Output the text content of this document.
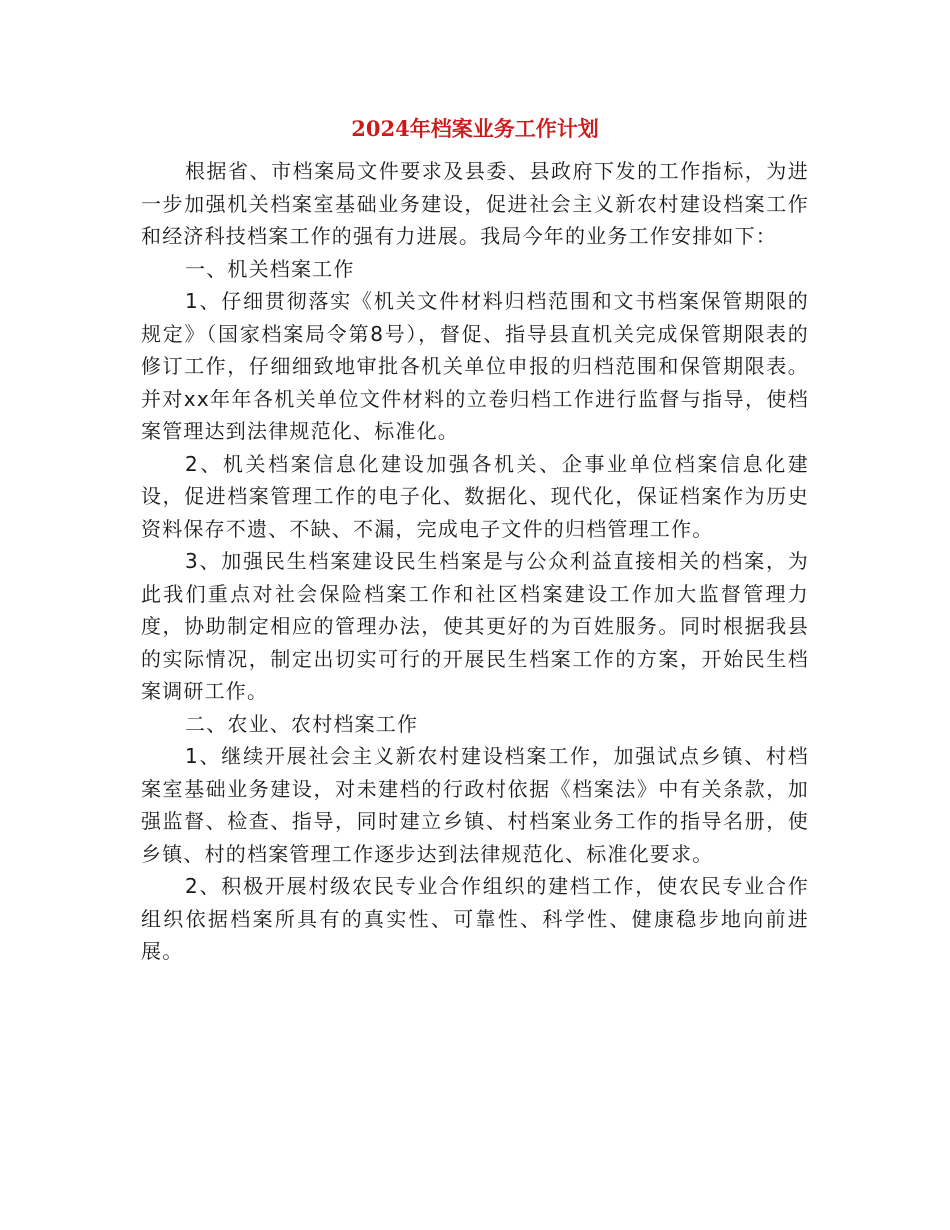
2024年档案业务工作计划

根据省、市档案局文件要求及县委、县政府下发的工作指标，为进一步加强机关档案室基础业务建设，促进社会主义新农村建设档案工作和经济科技档案工作的强有力进展。我局今年的业务工作安排如下：

一、机关档案工作

1、仔细贯彻落实《机关文件材料归档范围和文书档案保管期限的规定》（国家档案局令第8号），督促、指导县直机关完成保管期限表的修订工作，仔细细致地审批各机关单位申报的归档范围和保管期限表。并对xx年年各机关单位文件材料的立卷归档工作进行监督与指导，使档案管理达到法律规范化、标准化。

2、机关档案信息化建设加强各机关、企事业单位档案信息化建设，促进档案管理工作的电子化、数据化、现代化，保证档案作为历史资料保存不遗、不缺、不漏，完成电子文件的归档管理工作。

3、加强民生档案建设民生档案是与公众利益直接相关的档案，为此我们重点对社会保险档案工作和社区档案建设工作加大监督管理力度，协助制定相应的管理办法，使其更好的为百姓服务。同时根据我县的实际情况，制定出切实可行的开展民生档案工作的方案，开始民生档案调研工作。

二、农业、农村档案工作

1、继续开展社会主义新农村建设档案工作，加强试点乡镇、村档案室基础业务建设，对未建档的行政村依据《档案法》中有关条款，加强监督、检查、指导，同时建立乡镇、村档案业务工作的指导名册，使乡镇、村的档案管理工作逐步达到法律规范化、标准化要求。

2、积极开展村级农民专业合作组织的建档工作，使农民专业合作组织依据档案所具有的真实性、可靠性、科学性、健康稳步地向前进展。
